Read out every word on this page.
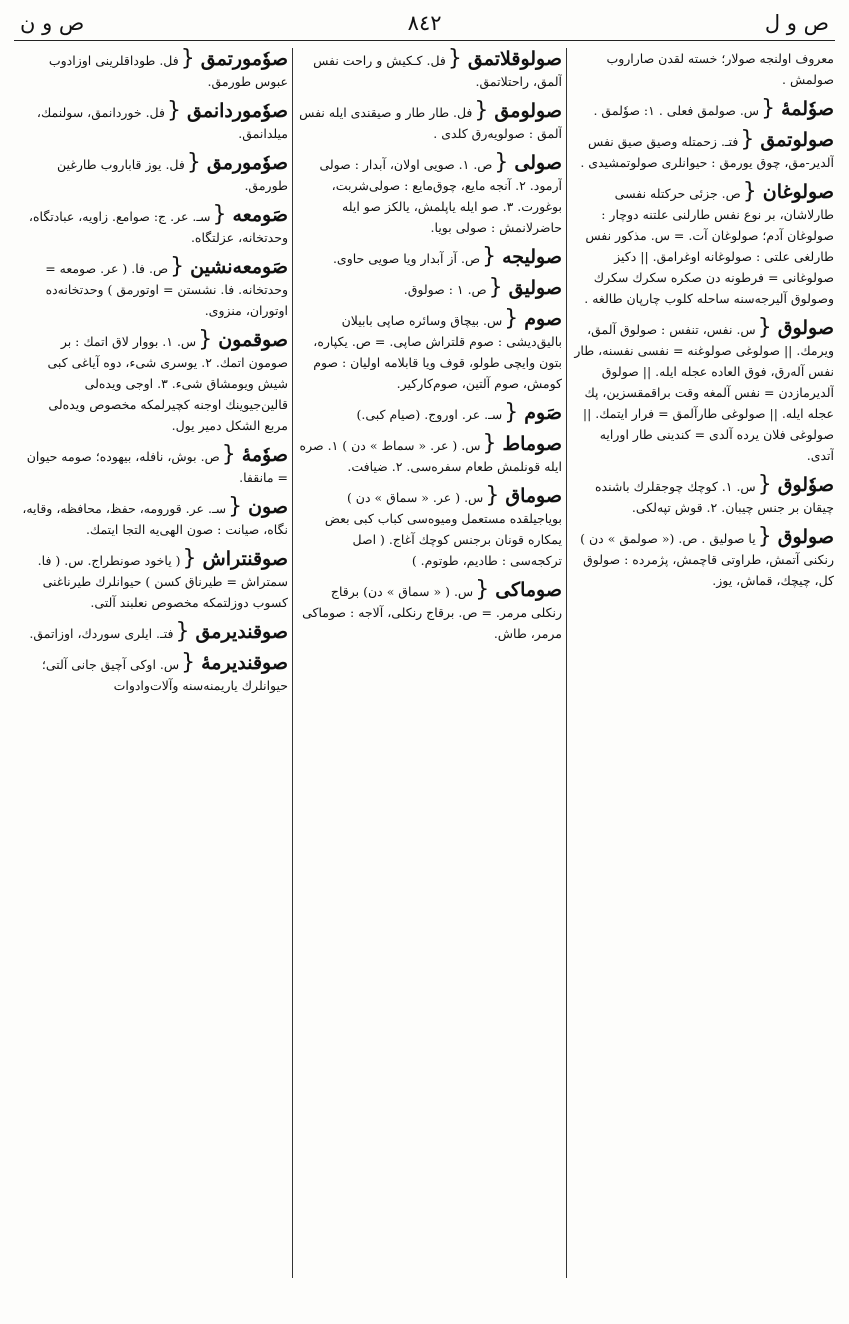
ص و ل
٨٤٢
ص و ن
معروف اولنجه صولار؛ خسته لقدن صاراروب صولمش .
صوٗلمهٔ{س. صولمق فعلی . ١: صوٗلمق .
صولوتمق{فتـ. زحمتله وصیق صیق نفس آلدیر-مق، چوق یورمق : حیوانلری صولوتمشیدی .
صولوغان{ص. جزئی حرکتله نفسی طارلاشان، بر نوع نفس طارلنی علتنه دوچار : صولوغان آدم؛ صولوغان آت. = س. مذکور نفس طارلغی علتی : صولوغانه اوغرامق. || دکیز صولوغانی = فرطونه دن صکره سکرك سکرك وصولوق آلیرجه‌سنه ساحله کلوب چارپان طالغه .
صولوق{س. نفس، تنفس : صولوق آلمق، ویرمك. || صولوغی صولوغنه = نفسی نفسنه، طار نفس آله‌رق، فوق العاده عجله ایله. || صولوق آلدیرمازدن = نفس آلمغه وقت براقمقسزین، پك عجله ایله. || صولوغی طارآلمق = فرار ایتمك. || صولوغی فلان یرده آلدی = کندینی طار اورایه آتدی.
صوٗلوق{س. ١. کوچك چوجقلرك باشنده چیقان بر جنس چیبان. ٢. قوش تپه‌لکی.
صولوق{یا صولیق . ص. (« صولمق » دن ) رنکنی آتمش، طراوتی قاچمش، پژمرده : صولوق کل، چیچك، قماش، یوز.
صولوقلاتمق{فل. کـکیش و راحت نفس آلمق، راحتلاتمق.
صولومق{فل. طار طار و صیقندی ایله نفس آلمق : صولویه‌رق کلدی .
صولی{ص. ١. صویی اولان، آبدار : صولی آرمود. ٢. آنجه مایع، چوق‌مایع : صولی‌شربت، بوغورت. ٣. صو ایله یاپلمش، یالکز صو ایله حاضرلانمش : صولی بویا.
صولیجه{ص. آز آبدار ویا صویی حاوی.
صولیق{ص. ١ : صولوق.
صوم{س. بیچاق وسائره صاپی بابیلان بالیق‌دیشی : صوم قلتراش صاپی. = ص. یکپاره، بتون وایچی طولو، قوف ویا قابلامه اولیان : صوم کومش، صوم آلتین، صوم‌کارکیر.
صَوم{سـ. عر. اوروج. (صیام کبی.)
صوماط{س. ( عر. « سماط » دن ) ١. صره ایله قونلمش طعام سفره‌سی. ٢. ضیافت.
صوماق{س. ( عر. « سماق » دن ) بویاجیلقده مستعمل ومیوه‌سی کباب کبی بعض یمکاره قونان برجنس کوچك آغاج. ( اصل ترکجه‌سی : طادیم، طوتوم. )
صوماکی{س. ( « سماق » دن) برقاج رنکلی مرمر. = ص. برقاج رنکلی، آلاجه : صوماکی مرمر، طاش.
صوٗمورتمق{فل. طوداقلرینی اوزادوب عبوس طورمق.
صوٗموردانمق{فل. خوردانمق، سولنمك، میلدانمق.
صوٗمورمق{فل. یوز قابار‌وب طارغین طورمق.
صَومعه{سـ. عر. ج: صوامع. زاویه، عبادتگاه، وحدتخانه، عزلتگاه.
صَومعه‌نشین{ص. فا. ( عر. صومعه = وحدتخانه. فا. نشستن = اوتورمق ) وحدتخانه‌ده اوتوران، منزوی.
صوقمون{س. ١. بووار لاق اتمك : بر صومون اتمك. ٢. یوسری شیء، دوه آیاغی کبی شیش ویومشاق شیء. ٣. اوجی ویده‌لی قالین‌جیوینك اوجنه کچیرلمکه مخصوص ویده‌لی مربع الشکل دمیر یول.
صوٗمهٔ{ص. بوش، نافله، بیهوده؛ صومه حیوان = مانقفا.
صون{سـ. عر. قورومه، حفظ، محافظه، وقایه، نگاه، صیانت : صون الهی‌یه التجا ایتمك.
صوقنتراش{( یاخود صونطراج. س. ( فا. سمتراش = طیرناق کسن ) حیوانلرك طیرناغنی کسوب دوزلتمکه مخصوص نعلبند آلتی.
صوقندیرمق{فتـ. ایلری سوردك، اوزاتمق.
صوقندیرمهٔ{س. اوکی آچیق جانی آلتی؛ حیوانلرك یاریمنه‌سنه وآلات‌وادوات
